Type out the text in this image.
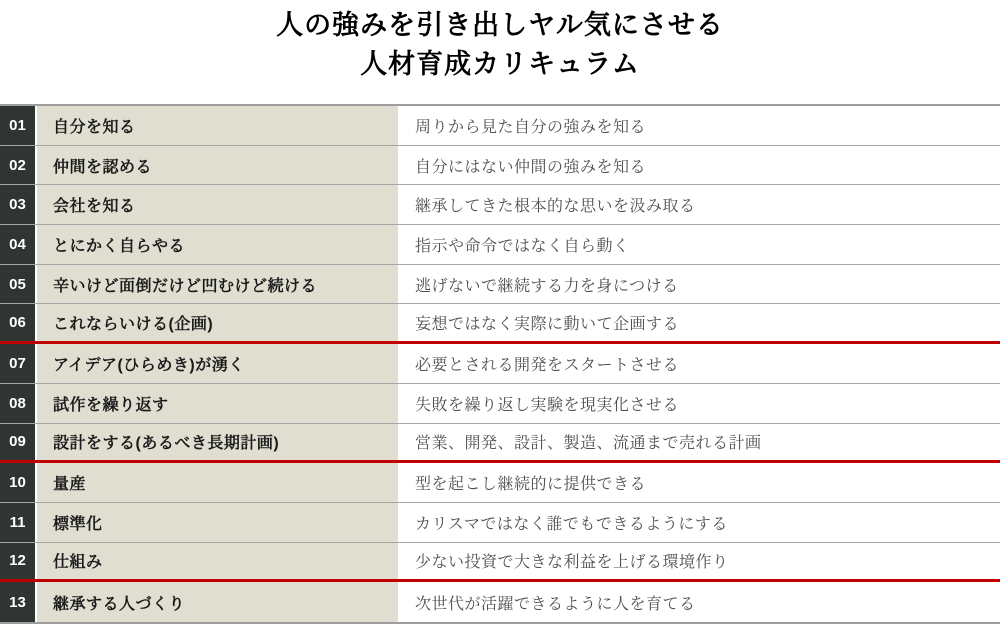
人の強みを引き出しヤル気にさせる
人材育成カリキュラム
01	自分を知る	周りから見た自分の強みを知る
02	仲間を認める	自分にはない仲間の強みを知る
03	会社を知る	継承してきた根本的な思いを汲み取る
04	とにかく自らやる	指示や命令ではなく自ら動く
05	辛いけど面倒だけど凹むけど続ける	逃げないで継続する力を身につける
06	これならいける(企画)	妄想ではなく実際に動いて企画する
07	アイデア(ひらめき)が湧く	必要とされる開発をスタートさせる
08	試作を繰り返す	失敗を繰り返し実験を現実化させる
09	設計をする(あるべき長期計画)	営業、開発、設計、製造、流通まで売れる計画
10	量産	型を起こし継続的に提供できる
11	標準化	カリスマではなく誰でもできるようにする
12	仕組み	少ない投資で大きな利益を上げる環境作り
13	継承する人づくり	次世代が活躍できるように人を育てる
